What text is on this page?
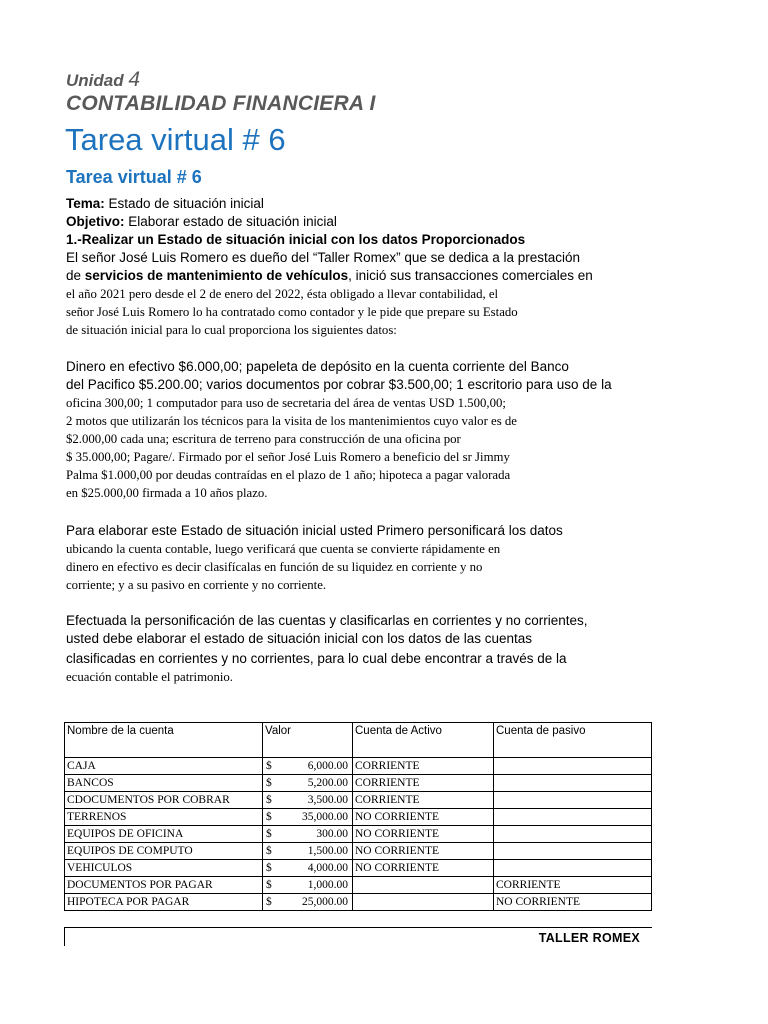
Unidad 4
CONTABILIDAD FINANCIERA I
Tarea virtual # 6
Tarea virtual # 6
Tema: Estado de situación inicial
Objetivo: Elaborar estado de situación inicial
1.-Realizar un Estado de situación inicial con los datos Proporcionados
El señor José Luis Romero es dueño del “Taller Romex” que se dedica a la prestación
de servicios de mantenimiento de vehículos, inició sus transacciones comerciales en
el año 2021 pero desde el 2 de enero del 2022, ésta obligado a llevar contabilidad, el
señor José Luis Romero lo ha contratado como contador y le pide que prepare su Estado
de situación inicial para lo cual proporciona los siguientes datos:
Dinero en efectivo $6.000,00; papeleta de depósito en la cuenta corriente del Banco
del Pacifico $5.200.00; varios documentos por cobrar $3.500,00; 1 escritorio para uso de la
oficina 300,00; 1 computador para uso de secretaria del área de ventas USD 1.500,00;
2 motos que utilizarán los técnicos para la visita de los mantenimientos cuyo valor es de
$2.000,00 cada una; escritura de terreno para construcción de una oficina por
$ 35.000,00; Pagare/. Firmado por el señor José Luis Romero a beneficio del sr Jimmy
Palma $1.000,00 por deudas contraídas en el plazo de 1 año; hipoteca a pagar valorada
en $25.000,00 firmada a 10 años plazo.
Para elaborar este Estado de situación inicial usted Primero personificará los datos
ubicando la cuenta contable, luego verificará que cuenta se convierte rápidamente en
dinero en efectivo es decir clasifícalas en función de su liquidez en corriente y no
corriente; y a su pasivo en corriente y no corriente.
Efectuada la personificación de las cuentas y clasificarlas en corrientes y no corrientes,
usted debe elaborar el estado de situación inicial con los datos de las cuentas
clasificadas en corrientes y no corrientes, para lo cual debe encontrar a través de la
ecuación contable el patrimonio.
Nombre de la cuenta	Valor	Cuenta de Activo	Cuenta de pasivo
CAJA	$ 6,000.00	CORRIENTE	
BANCOS	$ 5,200.00	CORRIENTE	
CDOCUMENTOS POR COBRAR	$ 3,500.00	CORRIENTE	
TERRENOS	$ 35,000.00	NO CORRIENTE	
EQUIPOS DE OFICINA	$ 300.00	NO CORRIENTE	
EQUIPOS DE COMPUTO	$ 1,500.00	NO CORRIENTE	
VEHICULOS	$ 4,000.00	NO CORRIENTE	
DOCUMENTOS POR PAGAR	$ 1,000.00		CORRIENTE
HIPOTECA POR PAGAR	$ 25,000.00		NO CORRIENTE
TALLER ROMEX
